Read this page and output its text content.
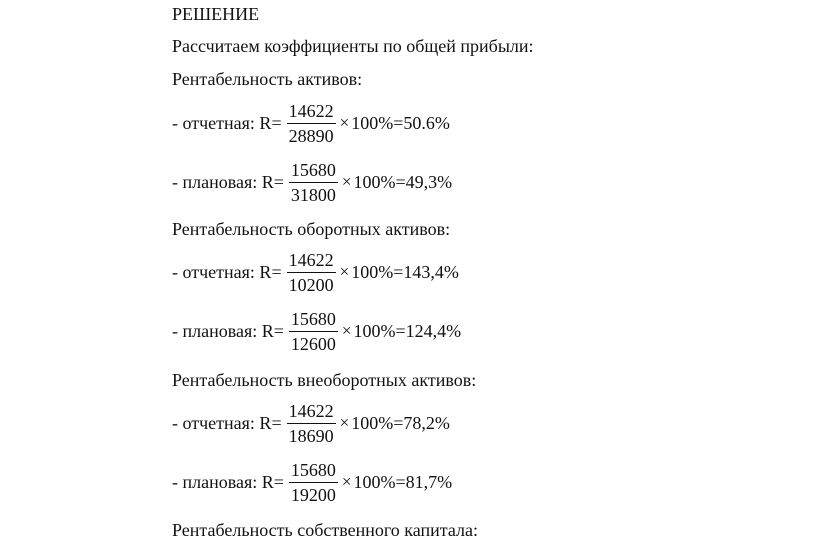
РЕШЕНИЕ
Рассчитаем коэффициенты по общей прибыли:
Рентабельность активов:
- отчетная: $R= \frac{14622}{28890} \times 100\% =50.6\%$
- плановая: $R= \frac{15680}{31800} \times 100\% =49,3\%$
Рентабельность оборотных активов:
- отчетная: $R= \frac{14622}{10200} \times 100\% =143,4\%$
- плановая: $R= \frac{15680}{12600} \times 100\% =124,4\%$
Рентабельность внеоборотных активов:
- отчетная: $R= \frac{14622}{18690} \times 100\% =78,2\%$
- плановая: $R= \frac{15680}{19200} \times 100\% =81,7\%$
Рентабельность собственного капитала:
